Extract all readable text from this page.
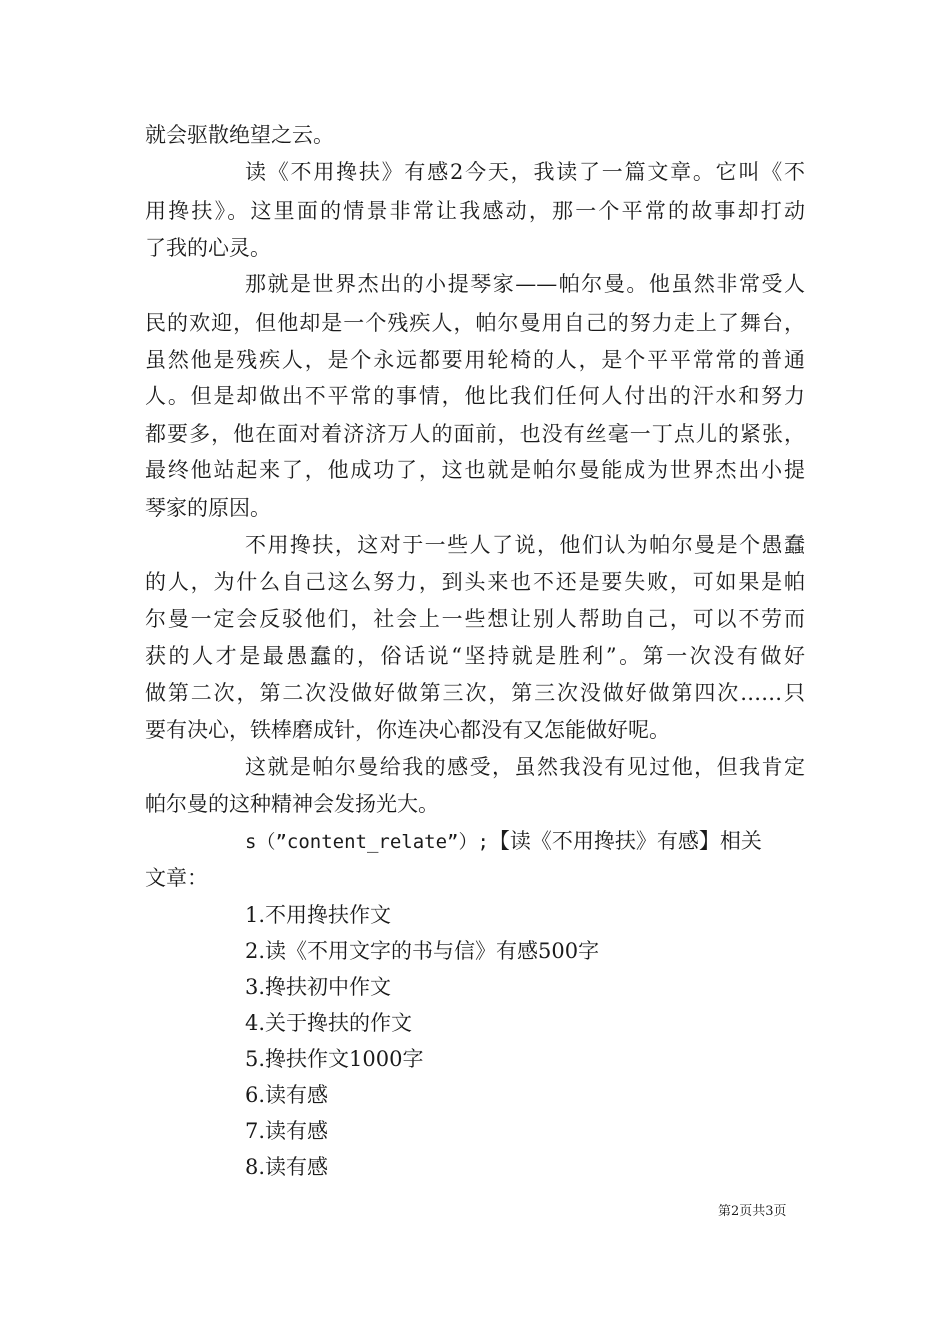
就会驱散绝望之云。
读《不用搀扶》有感2今天，我读了一篇文章。它叫《不
用搀扶》。这里面的情景非常让我感动，那一个平常的故事却打动
了我的心灵。
那就是世界杰出的小提琴家——帕尔曼。他虽然非常受人
民的欢迎，但他却是一个残疾人，帕尔曼用自己的努力走上了舞台，
虽然他是残疾人，是个永远都要用轮椅的人，是个平平常常的普通
人。但是却做出不平常的事情，他比我们任何人付出的汗水和努力
都要多，他在面对着济济万人的面前，也没有丝毫一丁点儿的紧张，
最终他站起来了，他成功了，这也就是帕尔曼能成为世界杰出小提
琴家的原因。
不用搀扶，这对于一些人了说，他们认为帕尔曼是个愚蠢
的人，为什么自己这么努力，到头来也不还是要失败，可如果是帕
尔曼一定会反驳他们，社会上一些想让别人帮助自己，可以不劳而
获的人才是最愚蠢的，俗话说“坚持就是胜利”。第一次没有做好
做第二次，第二次没做好做第三次，第三次没做好做第四次……只
要有决心，铁棒磨成针，你连决心都没有又怎能做好呢。
这就是帕尔曼给我的感受，虽然我没有见过他，但我肯定
帕尔曼的这种精神会发扬光大。
s（”content_relate”）;【读《不用搀扶》有感】相关
文章：
1.不用搀扶作文
2.读《不用文字的书与信》有感500字
3.搀扶初中作文
4.关于搀扶的作文
5.搀扶作文1000字
6.读有感
7.读有感
8.读有感
第2页共3页
